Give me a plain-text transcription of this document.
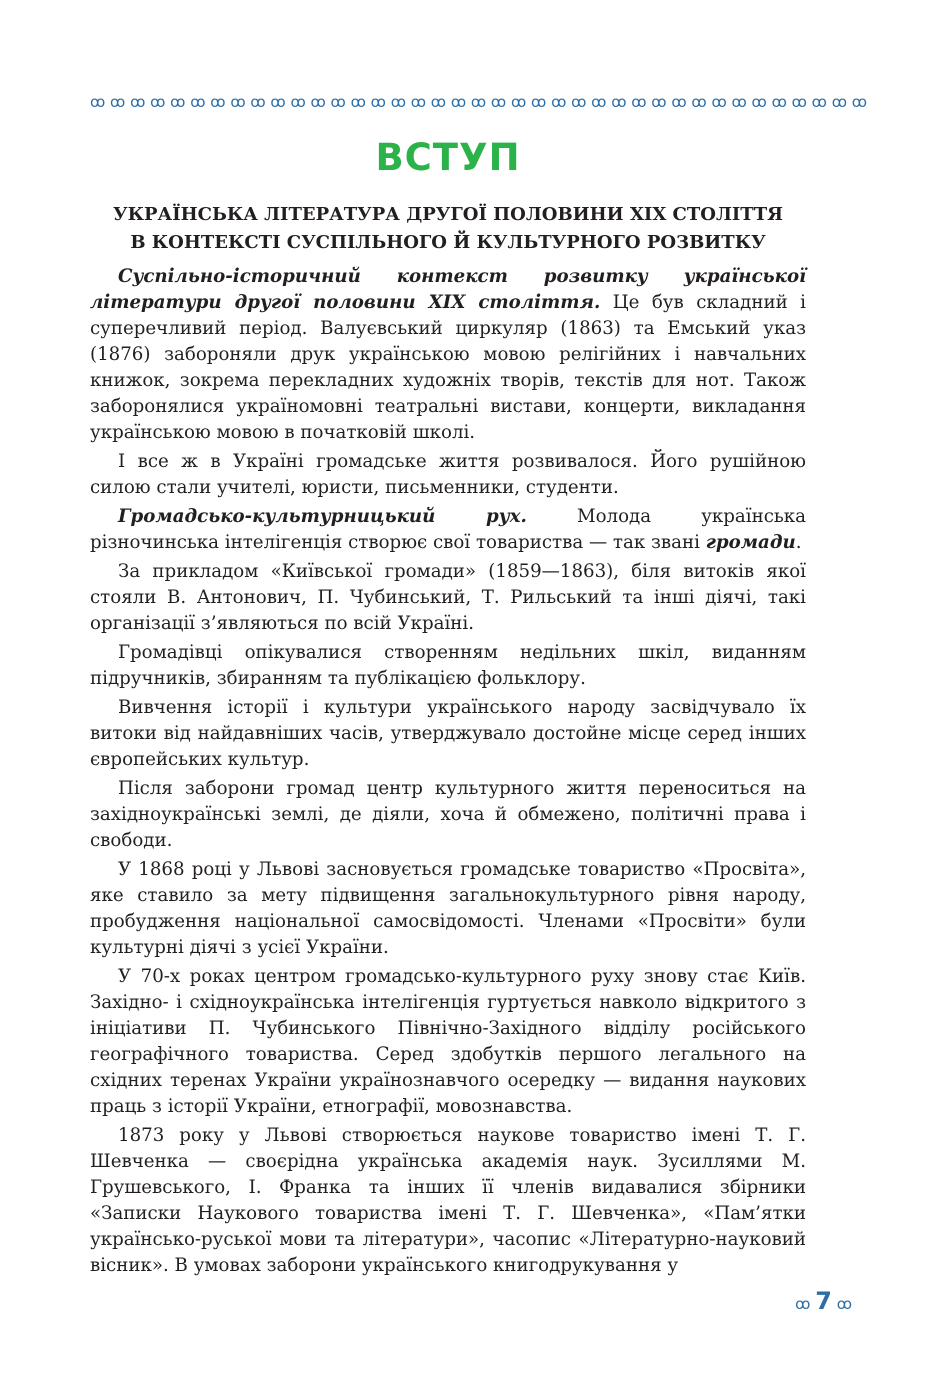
ꝏ ꝏ ꝏ ꝏ ꝏ ꝏ ꝏ ꝏ ꝏ ꝏ ꝏ ꝏ ꝏ ꝏ ꝏ ꝏ ꝏ ꝏ ꝏ ꝏ ꝏ ꝏ ꝏ ꝏ ꝏ ꝏ ꝏ ꝏ ꝏ ꝏ ꝏ ꝏ ꝏ ꝏ ꝏ ꝏ ꝏ ꝏ ꝏ
ВСТУП
УКРАЇНСЬКА ЛІТЕРАТУРА ДРУГОЇ ПОЛОВИНИ ХІХ СТОЛІТТЯ
В КОНТЕКСТІ СУСПІЛЬНОГО Й КУЛЬТУРНОГО РОЗВИТКУ

Суспільно-історичний контекст розвитку української літератури другої половини ХІХ століття. Це був складний і суперечливий період. Валуєвський циркуляр (1863) та Емський указ (1876) забороняли друк українською мовою релігійних і навчальних книжок, зокрема перекладних художніх творів, текстів для нот. Також заборонялися україномовні театральні вистави, концерти, викладання українською мовою в початковій школі.

І все ж в Україні громадське життя розвивалося. Його рушійною силою стали учителі, юристи, письменники, студенти.

Громадсько-культурницький рух. Молода українська різночинська інтелігенція створює свої товариства — так звані громади.

За прикладом «Київської громади» (1859—1863), біля витоків якої стояли В. Антонович, П. Чубинський, Т. Рильський та інші діячі, такі організації з’являються по всій Україні.

Громадівці опікувалися створенням недільних шкіл, виданням підручників, збиранням та публікацією фольклору.

Вивчення історії і культури українського народу засвідчувало їх витоки від найдавніших часів, утверджувало достойне місце серед інших європейських культур.

Після заборони громад центр культурного життя переноситься на західноукраїнські землі, де діяли, хоча й обмежено, політичні права і свободи.

У 1868 році у Львові засновується громадське товариство «Просвіта», яке ставило за мету підвищення загальнокультурного рівня народу, пробудження національної самосвідомості. Членами «Просвіти» були культурні діячі з усієї України.

У 70-х роках центром громадсько-культурного руху знову стає Київ. Західно- і східноукраїнська інтелігенція гуртується навколо відкритого з ініціативи П. Чубинського Північно-Західного відділу російського географічного товариства. Серед здобутків першого легального на східних теренах України українознавчого осередку — видання наукових праць з історії України, етнографії, мовознавства.

1873 року у Львові створюється наукове товариство імені Т. Г. Шевченка — своєрідна українська академія наук. Зусиллями М. Грушевського, І. Франка та інших її членів видавалися збірники «Записки Наукового товариства імені Т. Г. Шевченка», «Пам’ятки українсько-руської мови та літератури», часопис «Літературно-науковий вісник». В умовах заборони українського книгодрукування у

ꝏ 7 ꝏ
